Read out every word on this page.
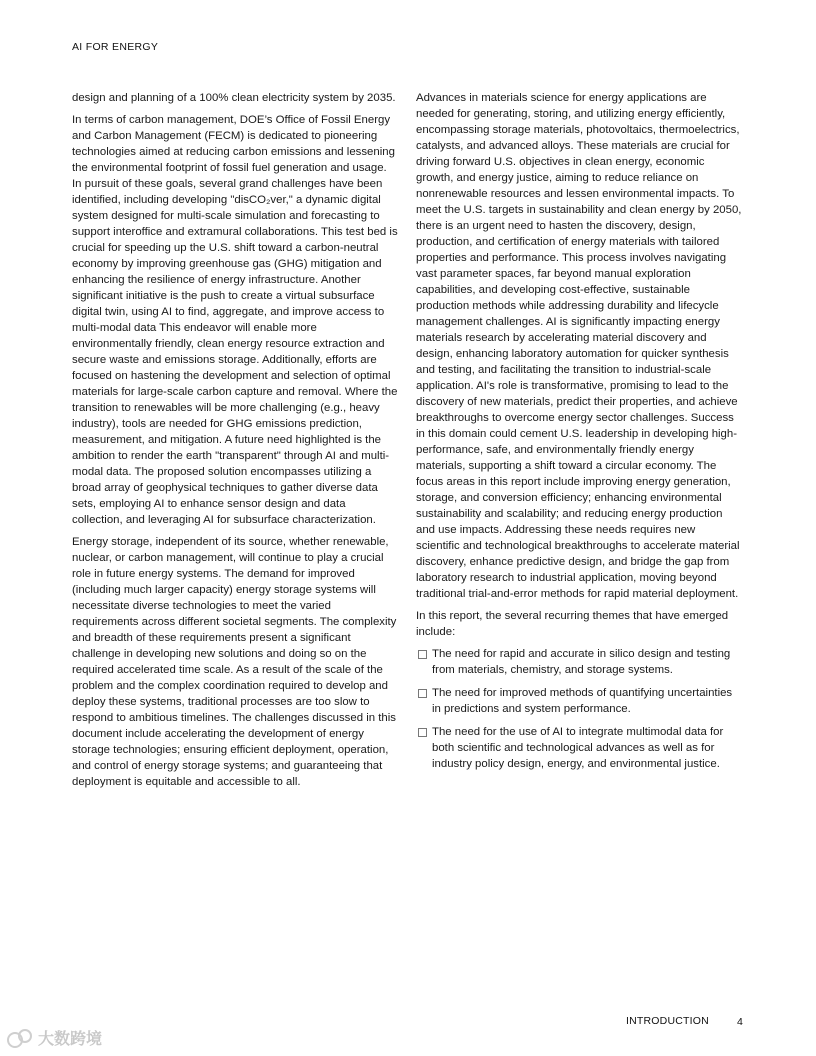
AI FOR ENERGY

design and planning of a 100% clean electricity system by 2035.

In terms of carbon management, DOE’s Office of Fossil Energy and Carbon Management (FECM) is dedicated to pioneering technologies aimed at reducing carbon emissions and lessening the environmental footprint of fossil fuel generation and usage. In pursuit of these goals, several grand challenges have been identified, including developing "disCO₂ver," a dynamic digital system designed for multi-scale simulation and forecasting to support interoffice and extramural collaborations. This test bed is crucial for speeding up the U.S. shift toward a carbon-neutral economy by improving greenhouse gas (GHG) mitigation and enhancing the resilience of energy infrastructure. Another significant initiative is the push to create a virtual subsurface digital twin, using AI to find, aggregate, and improve access to multi-modal data This endeavor will enable more environmentally friendly, clean energy resource extraction and secure waste and emissions storage. Additionally, efforts are focused on hastening the development and selection of optimal materials for large-scale carbon capture and removal. Where the transition to renewables will be more challenging (e.g., heavy industry), tools are needed for GHG emissions prediction, measurement, and mitigation. A future need highlighted is the ambition to render the earth "transparent" through AI and multi-modal data. The proposed solution encompasses utilizing a broad array of geophysical techniques to gather diverse data sets, employing AI to enhance sensor design and data collection, and leveraging AI for subsurface characterization.

Energy storage, independent of its source, whether renewable, nuclear, or carbon management, will continue to play a crucial role in future energy systems. The demand for improved (including much larger capacity) energy storage systems will necessitate diverse technologies to meet the varied requirements across different societal segments. The complexity and breadth of these requirements present a significant challenge in developing new solutions and doing so on the required accelerated time scale. As a result of the scale of the problem and the complex coordination required to develop and deploy these systems, traditional processes are too slow to respond to ambitious timelines. The challenges discussed in this document include accelerating the development of energy storage technologies; ensuring efficient deployment, operation, and control of energy storage systems; and guaranteeing that deployment is equitable and accessible to all.

Advances in materials science for energy applications are needed for generating, storing, and utilizing energy efficiently, encompassing storage materials, photovoltaics, thermoelectrics, catalysts, and advanced alloys. These materials are crucial for driving forward U.S. objectives in clean energy, economic growth, and energy justice, aiming to reduce reliance on nonrenewable resources and lessen environmental impacts. To meet the U.S. targets in sustainability and clean energy by 2050, there is an urgent need to hasten the discovery, design, production, and certification of energy materials with tailored properties and performance. This process involves navigating vast parameter spaces, far beyond manual exploration capabilities, and developing cost-effective, sustainable production methods while addressing durability and lifecycle management challenges. AI is significantly impacting energy materials research by accelerating material discovery and design, enhancing laboratory automation for quicker synthesis and testing, and facilitating the transition to industrial-scale application. AI's role is transformative, promising to lead to the discovery of new materials, predict their properties, and achieve breakthroughs to overcome energy sector challenges. Success in this domain could cement U.S. leadership in developing high-performance, safe, and environmentally friendly energy materials, supporting a shift toward a circular economy. The focus areas in this report include improving energy generation, storage, and conversion efficiency; enhancing environmental sustainability and scalability; and reducing energy production and use impacts. Addressing these needs requires new scientific and technological breakthroughs to accelerate material discovery, enhance predictive design, and bridge the gap from laboratory research to industrial application, moving beyond traditional trial-and-error methods for rapid material deployment.

In this report, the several recurring themes that have emerged include:

The need for rapid and accurate in silico design and testing from materials, chemistry, and storage systems.
The need for improved methods of quantifying uncertainties in predictions and system performance.
The need for the use of AI to integrate multimodal data for both scientific and technological advances as well as for industry policy design, energy, and environmental justice.
INTRODUCTION	4
大数跨境
